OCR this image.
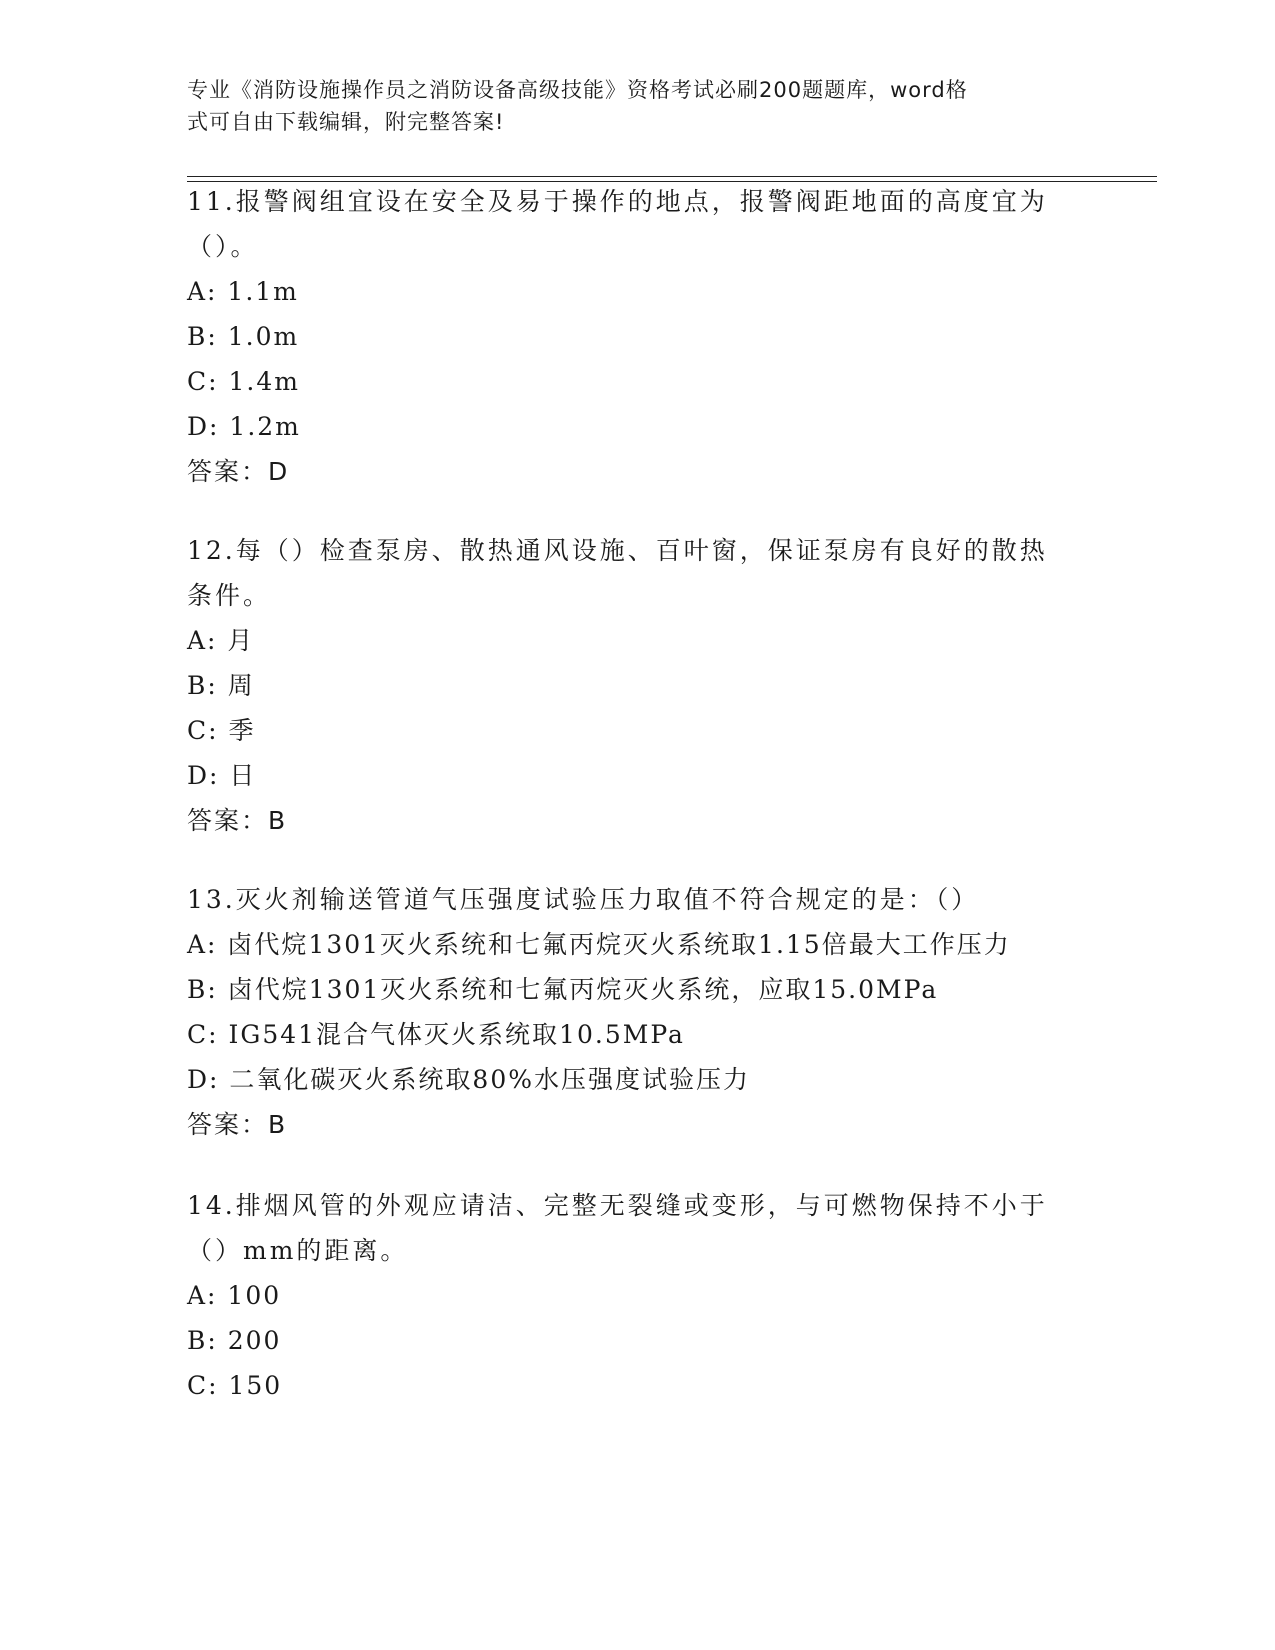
专业《消防设施操作员之消防设备高级技能》资格考试必刷200题题库，word格
式可自由下载编辑，附完整答案!

11.报警阀组宜设在安全及易于操作的地点，报警阀距地面的高度宜为

（）。

A: 1.1m

B: 1.0m

C: 1.4m

D: 1.2m

答案：D

12.每（）检查泵房、散热通风设施、百叶窗，保证泵房有良好的散热

条件。

A: 月

B: 周

C: 季

D: 日

答案：B

13.灭火剂输送管道气压强度试验压力取值不符合规定的是：（）

A: 卤代烷1301灭火系统和七氟丙烷灭火系统取1.15倍最大工作压力

B: 卤代烷1301灭火系统和七氟丙烷灭火系统，应取15.0MPa

C: IG541混合气体灭火系统取10.5MPa

D: 二氧化碳灭火系统取80%水压强度试验压力

答案：B

14.排烟风管的外观应请洁、完整无裂缝或变形，与可燃物保持不小于

（）mm的距离。

A: 100

B: 200

C: 150
